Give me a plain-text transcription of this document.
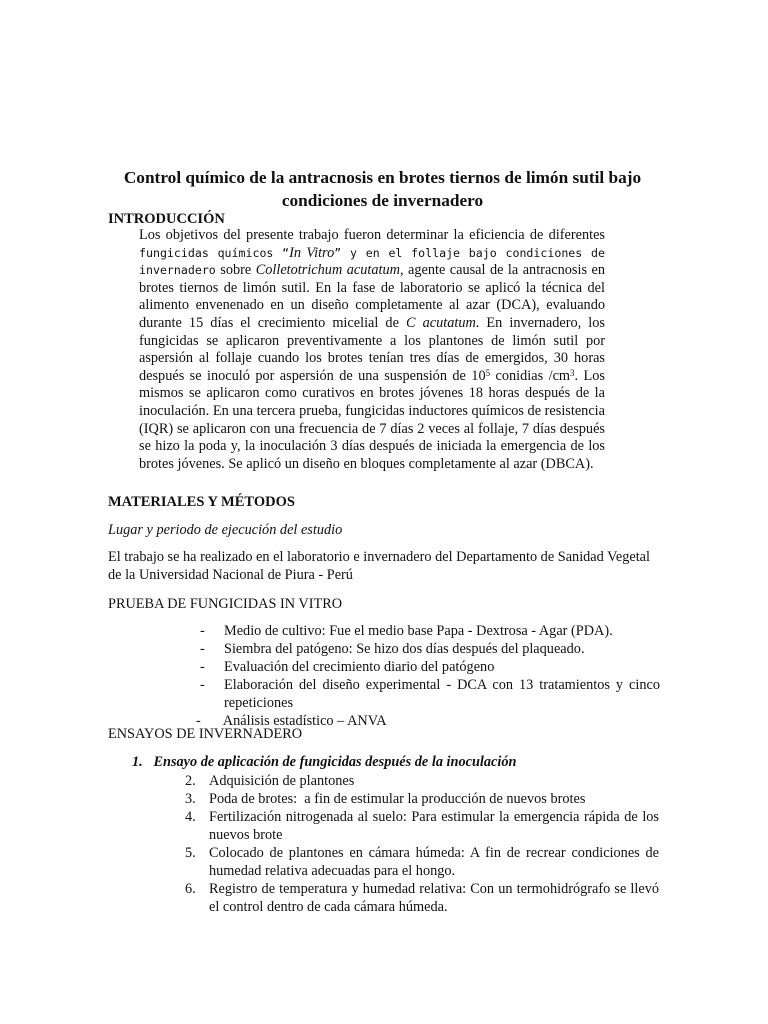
Control químico de la antracnosis en brotes tiernos de limón sutil bajo condiciones de invernadero
INTRODUCCIÓN
Los objetivos del presente trabajo fueron determinar la eficiencia de diferentes fungicidas químicos “In Vitro” y en el follaje bajo condiciones de invernadero sobre Colletotrichum acutatum, agente causal de la antracnosis en brotes tiernos de limón sutil. En la fase de laboratorio se aplicó la técnica del alimento envenenado en un diseño completamente al azar (DCA), evaluando durante 15 días el crecimiento micelial de C acutatum. En invernadero, los fungicidas se aplicaron preventivamente a los plantones de limón sutil por aspersión al follaje cuando los brotes tenían tres días de emergidos, 30 horas después se inoculó por aspersión de una suspensión de $10^5$ conidias $/cm^3$. Los mismos se aplicaron como curativos en brotes jóvenes 18 horas después de la inoculación. En una tercera prueba, fungicidas inductores químicos de resistencia (IQR) se aplicaron con una frecuencia de 7 días 2 veces al follaje, 7 días después se hizo la poda y, la inoculación 3 días después de iniciada la emergencia de los brotes jóvenes. Se aplicó un diseño en bloques completamente al azar (DBCA).
MATERIALES Y MÉTODOS
Lugar y periodo de ejecución del estudio
El trabajo se ha realizado en el laboratorio e invernadero del Departamento de Sanidad Vegetal de la Universidad Nacional de Piura - Perú
PRUEBA DE FUNGICIDAS IN VITRO
- Medio de cultivo: Fue el medio base Papa - Dextrosa - Agar (PDA).
- Siembra del patógeno: Se hizo dos días después del plaqueado.
- Evaluación del crecimiento diario del patógeno
- Elaboración del diseño experimental - DCA con 13 tratamientos y cinco repeticiones
- Análisis estadístico – ANVA
ENSAYOS DE INVERNADERO
1. Ensayo de aplicación de fungicidas después de la inoculación
2. Adquisición de plantones
3. Poda de brotes:  a fin de estimular la producción de nuevos brotes
4. Fertilización nitrogenada al suelo: Para estimular la emergencia rápida de los nuevos brote
5. Colocado de plantones en cámara húmeda: A fin de recrear condiciones de humedad relativa adecuadas para el hongo.
6. Registro de temperatura y humedad relativa: Con un termohidrógrafo se llevó el control dentro de cada cámara húmeda.
